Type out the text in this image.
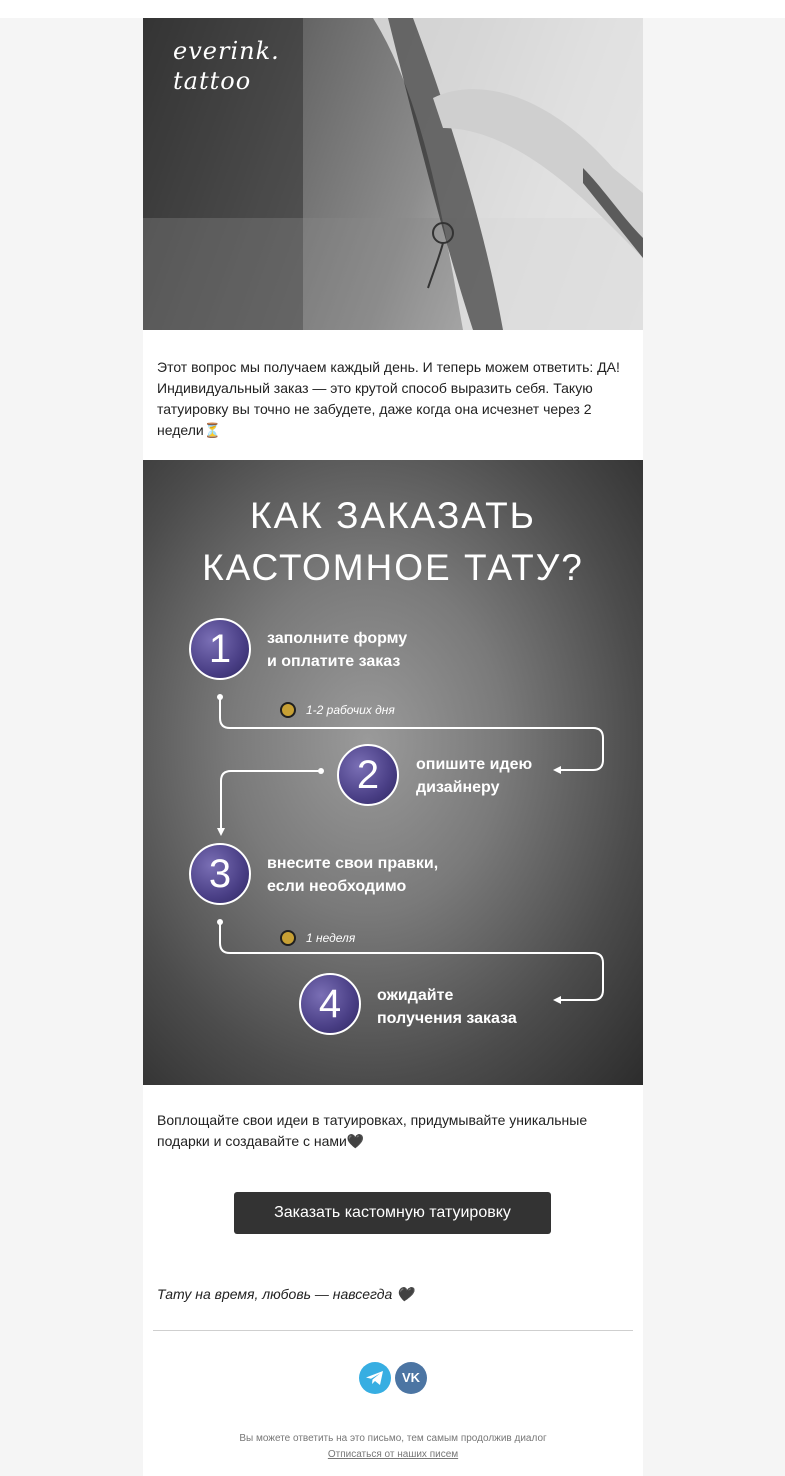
everink.
tattoo
Этот вопрос мы получаем каждый день. И теперь можем ответить: ДА! Индивидуальный заказ — это крутой способ выразить себя. Такую татуировку вы точно не забудете, даже когда она исчезнет через 2 недели⏳
КАК ЗАКАЗАТЬ
КАСТОМНОЕ ТАТУ?
1	заполните форму
и оплатите заказ
1-2 рабочих дня
2	опишите идею
дизайнеру
3	внесите свои правки,
если необходимо
1 неделя
4	ожидайте
получения заказа
Воплощайте свои идеи в татуировках, придумывайте уникальные подарки и создавайте с нами🖤
Заказать кастомную татуировку
Тату на время, любовь — навсегда 🖤
VK
Вы можете ответить на это письмо, тем самым продолжив диалог
Отписаться от наших писем
